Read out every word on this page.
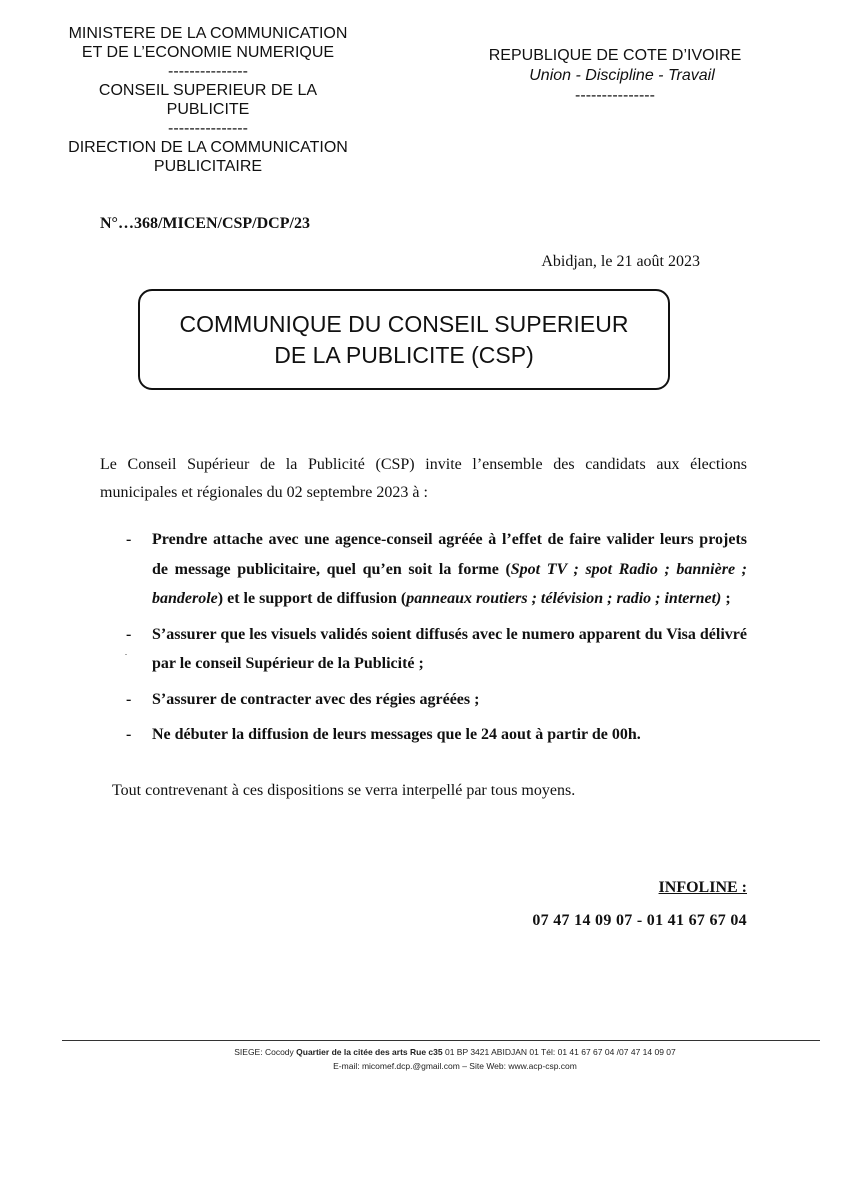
MINISTERE DE LA COMMUNICATION
ET DE L’ECONOMIE NUMERIQUE
---------------
CONSEIL SUPERIEUR DE LA
PUBLICITE
---------------
DIRECTION DE LA COMMUNICATION
PUBLICITAIRE
REPUBLIQUE DE COTE D’IVOIRE
Union - Discipline - Travail
---------------
N°…368/MICEN/CSP/DCP/23
Abidjan, le 21 août 2023
COMMUNIQUE DU CONSEIL SUPERIEUR
DE LA PUBLICITE (CSP)
Le Conseil Supérieur de la Publicité (CSP) invite l’ensemble des candidats aux élections municipales et régionales du 02 septembre 2023 à :
- Prendre attache avec une agence-conseil agréée à l’effet de faire valider leurs projets de message publicitaire, quel qu’en soit la forme (Spot TV ; spot Radio ; bannière ; banderole) et le support de diffusion (panneaux routiers ; télévision ; radio ; internet) ;
- S’assurer que les visuels validés soient diffusés avec le numero apparent du Visa délivré par le conseil Supérieur de la Publicité ;
- S’assurer de contracter avec des régies agréées ;
- Ne débuter la diffusion de leurs messages que le 24 aout à partir de 00h.
.
Tout contrevenant à ces dispositions se verra interpellé par tous moyens.
INFOLINE :
07 47 14 09 07 - 01 41 67 67 04
SIEGE: Cocody Quartier de la citée des arts Rue c35 01 BP 3421 ABIDJAN 01 Tél: 01 41 67 67 04 /07 47 14 09 07
E-mail: micomef.dcp.@gmail.com – Site Web: www.acp-csp.com
